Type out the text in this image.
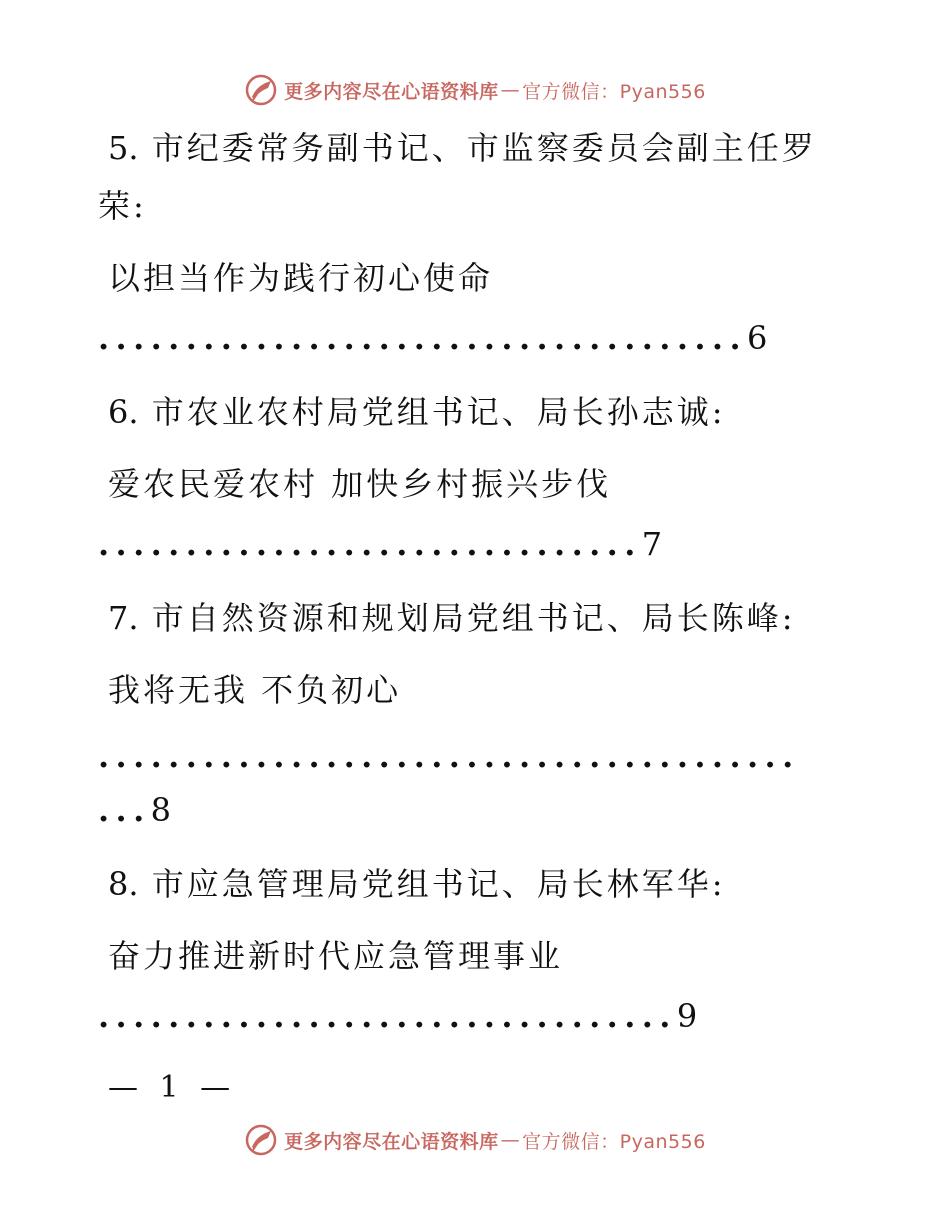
更多内容尽在心语资料库 — 官方微信：Pyan556
5. 市纪委常务副书记、市监察委员会副主任罗
荣:
以担当作为践行初心使命
.....................................6
6. 市农业农村局党组书记、局长孙志诚:
爱农民爱农村 加快乡村振兴步伐
...............................7
7. 市自然资源和规划局党组书记、局长陈峰:
我将无我 不负初心
........................................
...8
8. 市应急管理局党组书记、局长林军华:
奋力推进新时代应急管理事业
.................................9
— 1 —
更多内容尽在心语资料库 — 官方微信：Pyan556
